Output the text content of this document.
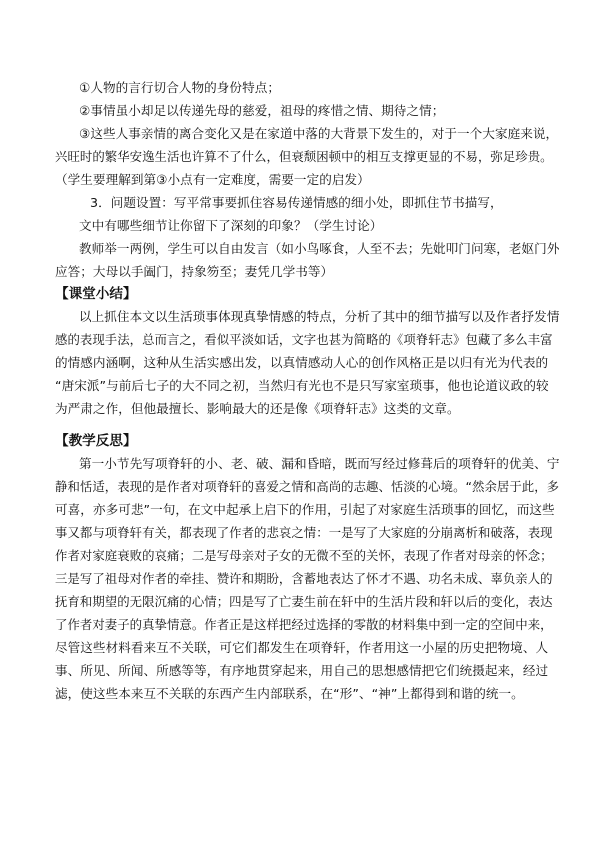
①人物的言行切合人物的身份特点；
②事情虽小却足以传递先母的慈爱，祖母的疼惜之情、期待之情；
③这些人事亲情的离合变化又是在家道中落的大背景下发生的，对于一个大家庭来说，
兴旺时的繁华安逸生活也许算不了什么，但衰颓困顿中的相互支撑更显的不易，弥足珍贵。
（学生要理解到第③小点有一定难度，需要一定的启发）
3．问题设置：写平常事要抓住容易传递情感的细小处，即抓住节书描写，
文中有哪些细节让你留下了深刻的印象？（学生讨论）
教师举一两例，学生可以自由发言（如小鸟啄食，人至不去；先妣叩门问寒，老妪门外
应答；大母以手阖门，持象笏至；妻凭几学书等）
【课堂小结】
以上抓住本文以生活琐事体现真挚情感的特点，分析了其中的细节描写以及作者抒发情
感的表现手法，总而言之，看似平淡如话，文字也甚为简略的《项脊轩志》包藏了多么丰富
的情感内涵啊，这种从生活实感出发，以真情感动人心的创作风格正是以归有光为代表的
“唐宋派”与前后七子的大不同之初，当然归有光也不是只写家室琐事，他也论道议政的较
为严肃之作，但他最擅长、影响最大的还是像《项脊轩志》这类的文章。
【教学反思】
第一小节先写项脊轩的小、老、破、漏和昏暗，既而写经过修葺后的项脊轩的优美、宁
静和恬适，表现的是作者对项脊轩的喜爱之情和高尚的志趣、恬淡的心境。“然余居于此，多
可喜，亦多可悲”一句，在文中起承上启下的作用，引起了对家庭生活琐事的回忆，而这些
事又都与项脊轩有关，都表现了作者的悲哀之情：一是写了大家庭的分崩离析和破落，表现
作者对家庭衰败的哀痛；二是写母亲对子女的无微不至的关怀，表现了作者对母亲的怀念；
三是写了祖母对作者的牵挂、赞许和期盼，含蓄地表达了怀才不遇、功名未成、辜负亲人的
抚育和期望的无限沉痛的心情；四是写了亡妻生前在轩中的生活片段和轩以后的变化，表达
了作者对妻子的真挚情意。作者正是这样把经过选择的零散的材料集中到一定的空间中来，
尽管这些材料看来互不关联，可它们都发生在项脊轩，作者用这一小屋的历史把物境、人
事、所见、所闻、所感等等，有序地贯穿起来，用自己的思想感情把它们统摄起来，经过
滤，使这些本来互不关联的东西产生内部联系，在“形”、“神”上都得到和谐的统一。
